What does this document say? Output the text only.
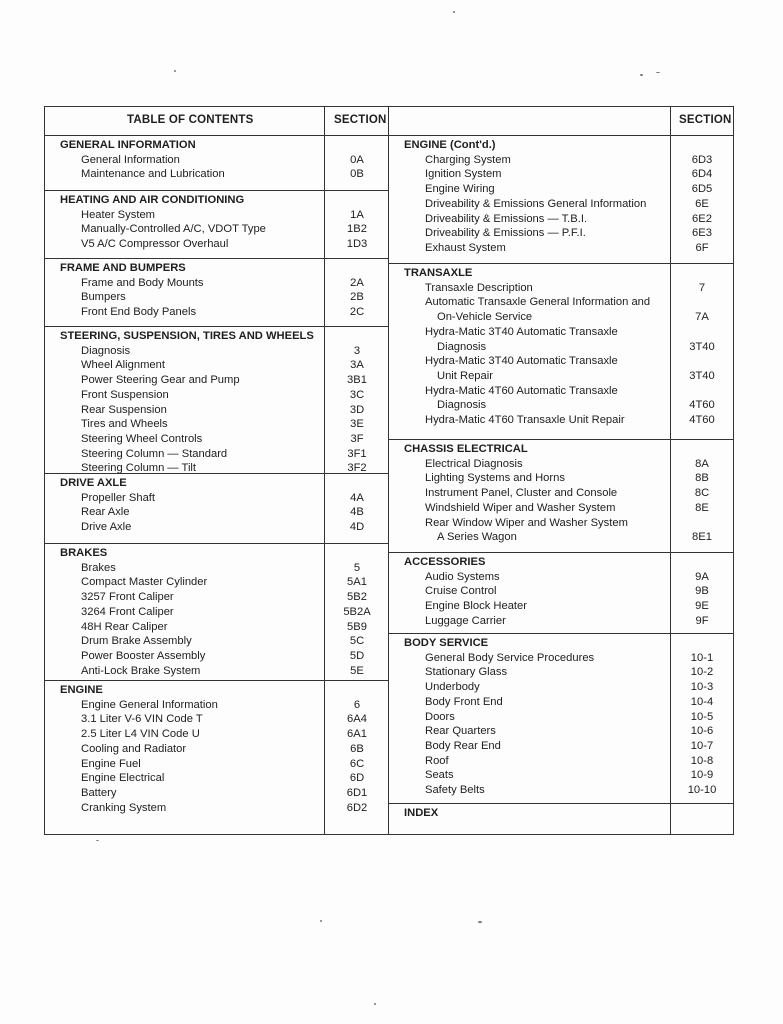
TABLE OF CONTENTS	SECTION
GENERAL INFORMATION
General Information	0A
Maintenance and Lubrication	0B
HEATING AND AIR CONDITIONING
Heater System	1A
Manually-Controlled A/C, VDOT Type	1B2
V5 A/C Compressor Overhaul	1D3
FRAME AND BUMPERS
Frame and Body Mounts	2A
Bumpers	2B
Front End Body Panels	2C
STEERING, SUSPENSION, TIRES AND WHEELS
Diagnosis	3
Wheel Alignment	3A
Power Steering Gear and Pump	3B1
Front Suspension	3C
Rear Suspension	3D
Tires and Wheels	3E
Steering Wheel Controls	3F
Steering Column — Standard	3F1
Steering Column — Tilt	3F2
DRIVE AXLE
Propeller Shaft	4A
Rear Axle	4B
Drive Axle	4D
BRAKES
Brakes	5
Compact Master Cylinder	5A1
3257 Front Caliper	5B2
3264 Front Caliper	5B2A
48H Rear Caliper	5B9
Drum Brake Assembly	5C
Power Booster Assembly	5D
Anti-Lock Brake System	5E
ENGINE
Engine General Information	6
3.1 Liter V-6 VIN Code T	6A4
2.5 Liter L4 VIN Code U	6A1
Cooling and Radiator	6B
Engine Fuel	6C
Engine Electrical	6D
Battery	6D1
Cranking System	6D2
SECTION
ENGINE (Cont'd.)
Charging System	6D3
Ignition System	6D4
Engine Wiring	6D5
Driveability & Emissions General Information	6E
Driveability & Emissions — T.B.I.	6E2
Driveability & Emissions — P.F.I.	6E3
Exhaust System	6F
TRANSAXLE
Transaxle Description	7
Automatic Transaxle General Information and
On-Vehicle Service	7A
Hydra-Matic 3T40 Automatic Transaxle
Diagnosis	3T40
Hydra-Matic 3T40 Automatic Transaxle
Unit Repair	3T40
Hydra-Matic 4T60 Automatic Transaxle
Diagnosis	4T60
Hydra-Matic 4T60 Transaxle Unit Repair	4T60
CHASSIS ELECTRICAL
Electrical Diagnosis	8A
Lighting Systems and Horns	8B
Instrument Panel, Cluster and Console	8C
Windshield Wiper and Washer System	8E
Rear Window Wiper and Washer System
A Series Wagon	8E1
ACCESSORIES
Audio Systems	9A
Cruise Control	9B
Engine Block Heater	9E
Luggage Carrier	9F
BODY SERVICE
General Body Service Procedures	10-1
Stationary Glass	10-2
Underbody	10-3
Body Front End	10-4
Doors	10-5
Rear Quarters	10-6
Body Rear End	10-7
Roof	10-8
Seats	10-9
Safety Belts	10-10
INDEX
